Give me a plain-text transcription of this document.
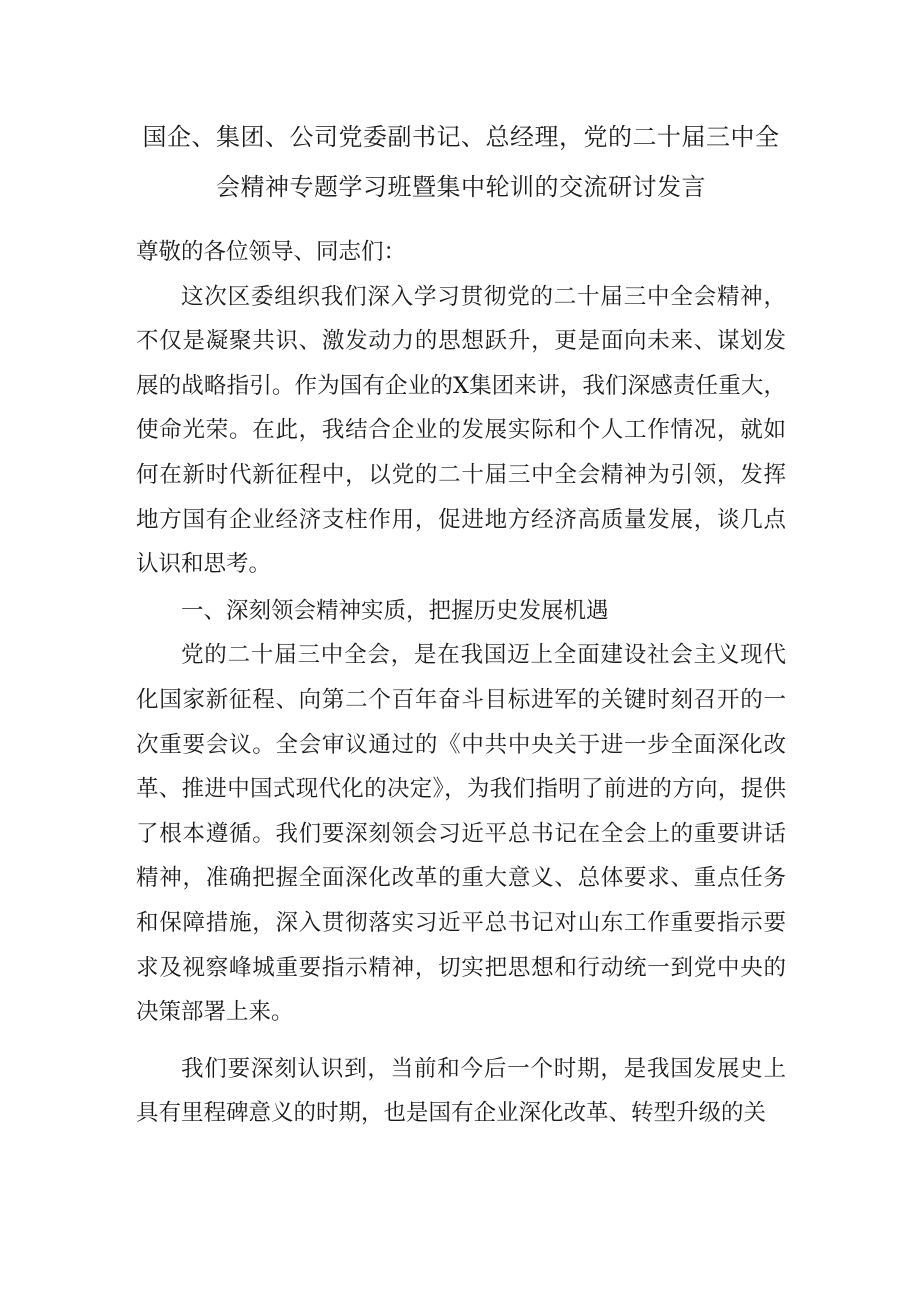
国企、集团、公司党委副书记、总经理，党的二十届三中全
会精神专题学习班暨集中轮训的交流研讨发言

尊敬的各位领导、同志们：

这次区委组织我们深入学习贯彻党的二十届三中全会精神，不仅是凝聚共识、激发动力的思想跃升，更是面向未来、谋划发展的战略指引。作为国有企业的X集团来讲，我们深感责任重大，使命光荣。在此，我结合企业的发展实际和个人工作情况，就如何在新时代新征程中，以党的二十届三中全会精神为引领，发挥地方国有企业经济支柱作用，促进地方经济高质量发展，谈几点认识和思考。

一、深刻领会精神实质，把握历史发展机遇

党的二十届三中全会，是在我国迈上全面建设社会主义现代化国家新征程、向第二个百年奋斗目标进军的关键时刻召开的一次重要会议。全会审议通过的《中共中央关于进一步全面深化改革、推进中国式现代化的决定》，为我们指明了前进的方向，提供了根本遵循。我们要深刻领会习近平总书记在全会上的重要讲话精神，准确把握全面深化改革的重大意义、总体要求、重点任务和保障措施，深入贯彻落实习近平总书记对山东工作重要指示要求及视察峰城重要指示精神，切实把思想和行动统一到党中央的决策部署上来。

我们要深刻认识到，当前和今后一个时期，是我国发展史上具有里程碑意义的时期，也是国有企业深化改革、转型升级的关
